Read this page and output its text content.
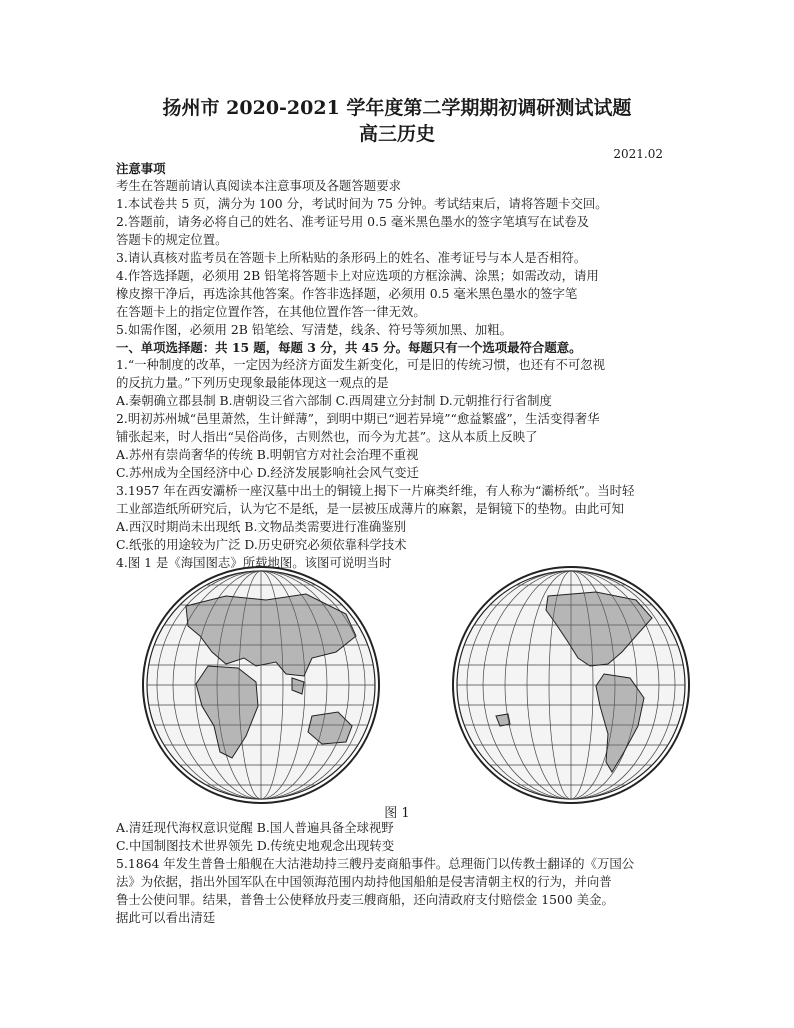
扬州市 2020-2021 学年度第二学期期初调研测试试题
高三历史
2021.02
注意事项
考生在答题前请认真阅读本注意事项及各题答题要求
1.本试卷共 5 页，满分为 100 分，考试时间为 75 分钟。考试结束后，请将答题卡交回。
2.答题前，请务必将自己的姓名、准考证号用 0.5 毫米黑色墨水的签字笔填写在试卷及
答题卡的规定位置。
3.请认真核对监考员在答题卡上所粘贴的条形码上的姓名、准考证号与本人是否相符。
4.作答选择题，必须用 2B 铅笔将答题卡上对应选项的方框涂满、涂黑；如需改动，请用
橡皮擦干净后，再选涂其他答案。作答非选择题，必须用 0.5 毫米黑色墨水的签字笔
在答题卡上的指定位置作答，在其他位置作答一律无效。
5.如需作图，必须用 2B 铅笔绘、写清楚，线条、符号等须加黑、加粗。
一、单项选择题：共 15 题，每题 3 分，共 45 分。每题只有一个选项最符合题意。
1.“一种制度的改革，一定因为经济方面发生新变化，可是旧的传统习惯，也还有不可忽视
的反抗力量。”下列历史现象最能体现这一观点的是
A.秦朝确立郡县制 B.唐朝设三省六部制 C.西周建立分封制 D.元朝推行行省制度
2.明初苏州城“邑里萧然，生计鲜薄”，到明中期已“迥若异境”“愈益繁盛”，生活变得奢华
铺张起来，时人指出“吴俗尚侈，古则然也，而今为尤甚”。这从本质上反映了
A.苏州有崇尚奢华的传统 B.明朝官方对社会治理不重视
C.苏州成为全国经济中心 D.经济发展影响社会风气变迁
3.1957 年在西安灞桥一座汉墓中出土的铜镜上揭下一片麻类纤维，有人称为“灞桥纸”。当时轻
工业部造纸所研究后，认为它不是纸，是一层被压成薄片的麻絮，是铜镜下的垫物。由此可知
A.西汉时期尚未出现纸 B.文物品类需要进行准确鉴别
C.纸张的用途较为广泛 D.历史研究必须依靠科学技术
4.图 1 是《海国图志》所载地图。该图可说明当时
图 1
A.清廷现代海权意识觉醒 B.国人普遍具备全球视野
C.中国制图技术世界领先 D.传统史地观念出现转变
5.1864 年发生普鲁士船舰在大沽港劫持三艘丹麦商船事件。总理衙门以传教士翻译的《万国公
法》为依据，指出外国军队在中国领海范围内劫持他国船舶是侵害清朝主权的行为，并向普
鲁士公使问罪。结果，普鲁士公使释放丹麦三艘商船，还向清政府支付赔偿金 1500 美金。
据此可以看出清廷
